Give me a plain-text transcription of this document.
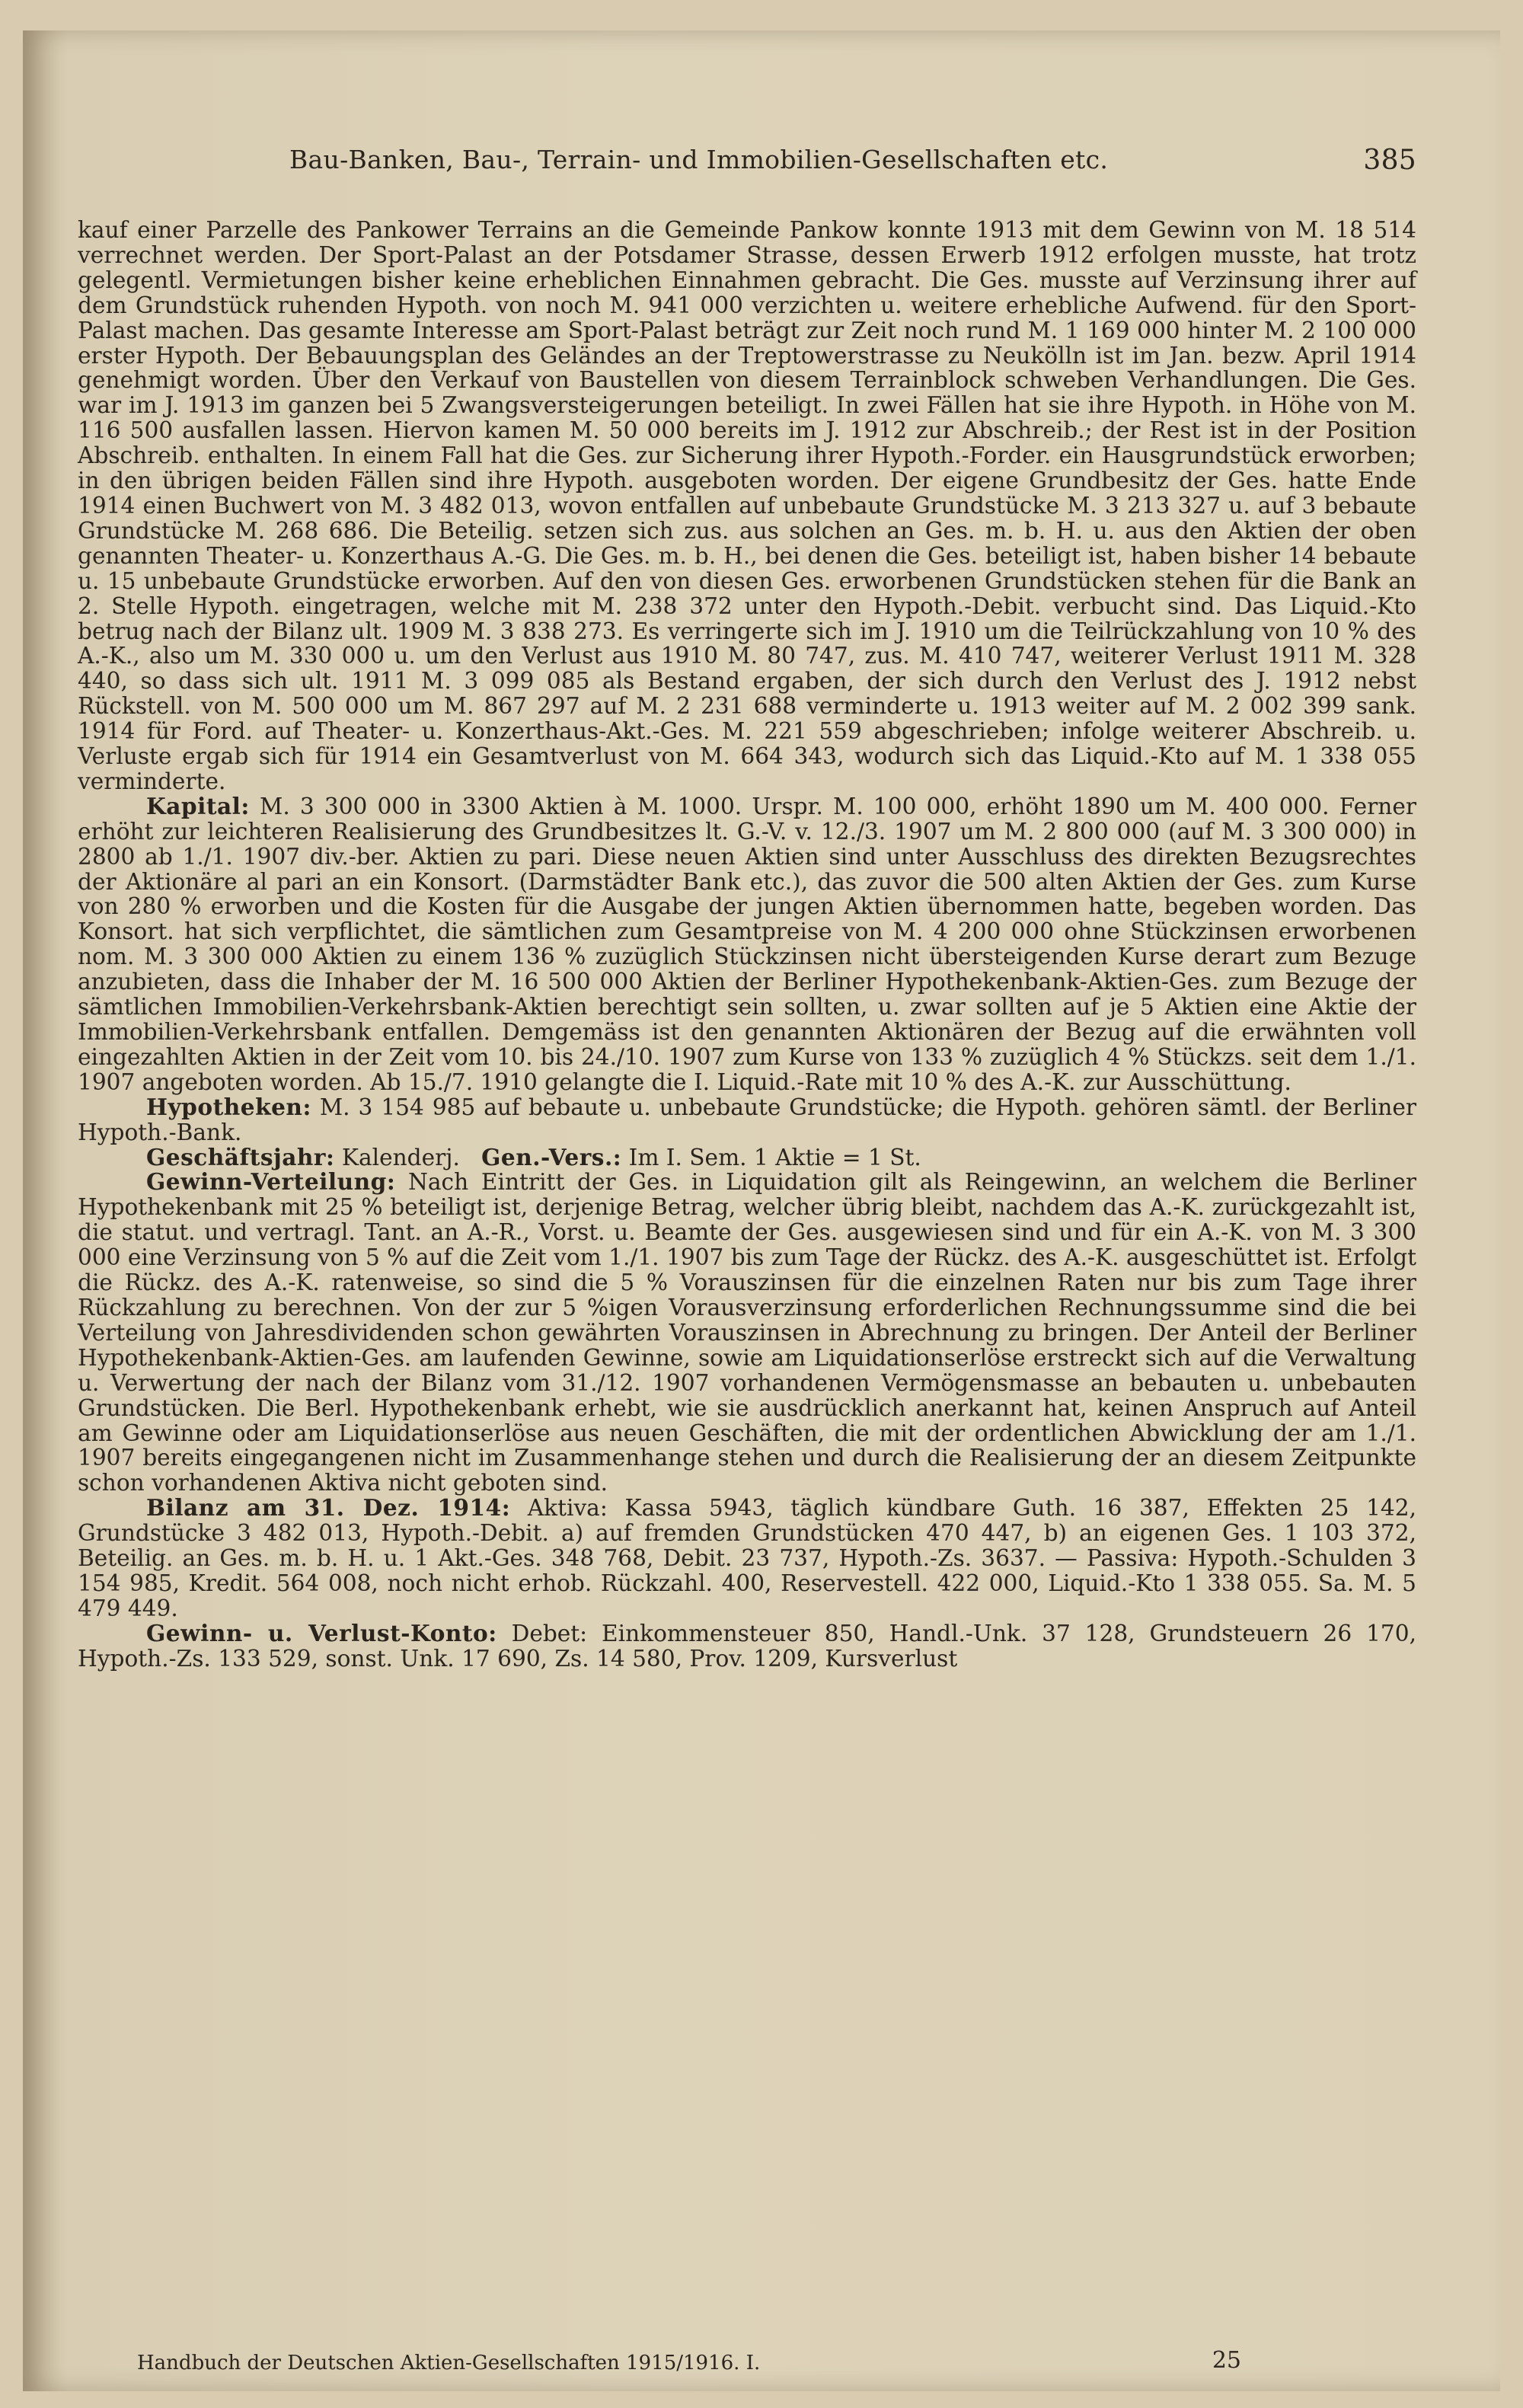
Bau-Banken, Bau-, Terrain- und Immobilien-Gesellschaften etc.	385

kauf einer Parzelle des Pankower Terrains an die Gemeinde Pankow konnte 1913 mit dem Gewinn von M. 18 514 verrechnet werden. Der Sport-Palast an der Potsdamer Strasse, dessen Erwerb 1912 erfolgen musste, hat trotz gelegentl. Vermietungen bisher keine erheblichen Einnahmen gebracht. Die Ges. musste auf Verzinsung ihrer auf dem Grundstück ruhenden Hypoth. von noch M. 941 000 verzichten u. weitere erhebliche Aufwend. für den Sport-Palast machen. Das gesamte Interesse am Sport-Palast beträgt zur Zeit noch rund M. 1 169 000 hinter M. 2 100 000 erster Hypoth. Der Bebauungsplan des Geländes an der Treptowerstrasse zu Neukölln ist im Jan. bezw. April 1914 genehmigt worden. Über den Verkauf von Baustellen von diesem Terrainblock schweben Verhandlungen. Die Ges. war im J. 1913 im ganzen bei 5 Zwangsversteigerungen beteiligt. In zwei Fällen hat sie ihre Hypoth. in Höhe von M. 116 500 ausfallen lassen. Hiervon kamen M. 50 000 bereits im J. 1912 zur Abschreib.; der Rest ist in der Position Abschreib. enthalten. In einem Fall hat die Ges. zur Sicherung ihrer Hypoth.-Forder. ein Hausgrundstück erworben; in den übrigen beiden Fällen sind ihre Hypoth. ausgeboten worden. Der eigene Grundbesitz der Ges. hatte Ende 1914 einen Buchwert von M. 3 482 013, wovon entfallen auf unbebaute Grundstücke M. 3 213 327 u. auf 3 bebaute Grundstücke M. 268 686. Die Beteilig. setzen sich zus. aus solchen an Ges. m. b. H. u. aus den Aktien der oben genannten Theater- u. Konzerthaus A.-G. Die Ges. m. b. H., bei denen die Ges. beteiligt ist, haben bisher 14 bebaute u. 15 unbebaute Grundstücke erworben. Auf den von diesen Ges. erworbenen Grundstücken stehen für die Bank an 2. Stelle Hypoth. eingetragen, welche mit M. 238 372 unter den Hypoth.-Debit. verbucht sind. Das Liquid.-Kto betrug nach der Bilanz ult. 1909 M. 3 838 273. Es verringerte sich im J. 1910 um die Teilrückzahlung von 10 % des A.-K., also um M. 330 000 u. um den Verlust aus 1910 M. 80 747, zus. M. 410 747, weiterer Verlust 1911 M. 328 440, so dass sich ult. 1911 M. 3 099 085 als Bestand ergaben, der sich durch den Verlust des J. 1912 nebst Rückstell. von M. 500 000 um M. 867 297 auf M. 2 231 688 verminderte u. 1913 weiter auf M. 2 002 399 sank. 1914 für Ford. auf Theater- u. Konzerthaus-Akt.-Ges. M. 221 559 abgeschrieben; infolge weiterer Abschreib. u. Verluste ergab sich für 1914 ein Gesamtverlust von M. 664 343, wodurch sich das Liquid.-Kto auf M. 1 338 055 verminderte.

Kapital: M. 3 300 000 in 3300 Aktien à M. 1000. Urspr. M. 100 000, erhöht 1890 um M. 400 000. Ferner erhöht zur leichteren Realisierung des Grundbesitzes lt. G.-V. v. 12./3. 1907 um M. 2 800 000 (auf M. 3 300 000) in 2800 ab 1./1. 1907 div.-ber. Aktien zu pari. Diese neuen Aktien sind unter Ausschluss des direkten Bezugsrechtes der Aktionäre al pari an ein Konsort. (Darmstädter Bank etc.), das zuvor die 500 alten Aktien der Ges. zum Kurse von 280 % erworben und die Kosten für die Ausgabe der jungen Aktien übernommen hatte, begeben worden. Das Konsort. hat sich verpflichtet, die sämtlichen zum Gesamtpreise von M. 4 200 000 ohne Stückzinsen erworbenen nom. M. 3 300 000 Aktien zu einem 136 % zuzüglich Stückzinsen nicht übersteigenden Kurse derart zum Bezuge anzubieten, dass die Inhaber der M. 16 500 000 Aktien der Berliner Hypothekenbank-Aktien-Ges. zum Bezuge der sämtlichen Immobilien-Verkehrsbank-Aktien berechtigt sein sollten, u. zwar sollten auf je 5 Aktien eine Aktie der Immobilien-Verkehrsbank entfallen. Demgemäss ist den genannten Aktionären der Bezug auf die erwähnten voll eingezahlten Aktien in der Zeit vom 10. bis 24./10. 1907 zum Kurse von 133 % zuzüglich 4 % Stückzs. seit dem 1./1. 1907 angeboten worden. Ab 15./7. 1910 gelangte die I. Liquid.-Rate mit 10 % des A.-K. zur Ausschüttung.

Hypotheken: M. 3 154 985 auf bebaute u. unbebaute Grundstücke; die Hypoth. gehören sämtl. der Berliner Hypoth.-Bank.

Geschäftsjahr: Kalenderj. Gen.-Vers.: Im I. Sem. 1 Aktie = 1 St.

Gewinn-Verteilung: Nach Eintritt der Ges. in Liquidation gilt als Reingewinn, an welchem die Berliner Hypothekenbank mit 25 % beteiligt ist, derjenige Betrag, welcher übrig bleibt, nachdem das A.-K. zurückgezahlt ist, die statut. und vertragl. Tant. an A.-R., Vorst. u. Beamte der Ges. ausgewiesen sind und für ein A.-K. von M. 3 300 000 eine Verzinsung von 5 % auf die Zeit vom 1./1. 1907 bis zum Tage der Rückz. des A.-K. ausgeschüttet ist. Erfolgt die Rückz. des A.-K. ratenweise, so sind die 5 % Vorauszinsen für die einzelnen Raten nur bis zum Tage ihrer Rückzahlung zu berechnen. Von der zur 5 %igen Vorausverzinsung erforderlichen Rechnungssumme sind die bei Verteilung von Jahresdividenden schon gewährten Vorauszinsen in Abrechnung zu bringen. Der Anteil der Berliner Hypothekenbank-Aktien-Ges. am laufenden Gewinne, sowie am Liquidationserlöse erstreckt sich auf die Verwaltung u. Verwertung der nach der Bilanz vom 31./12. 1907 vorhandenen Vermögensmasse an bebauten u. unbebauten Grundstücken. Die Berl. Hypothekenbank erhebt, wie sie ausdrücklich anerkannt hat, keinen Anspruch auf Anteil am Gewinne oder am Liquidationserlöse aus neuen Geschäften, die mit der ordentlichen Abwicklung der am 1./1. 1907 bereits eingegangenen nicht im Zusammenhange stehen und durch die Realisierung der an diesem Zeitpunkte schon vorhandenen Aktiva nicht geboten sind.

Bilanz am 31. Dez. 1914: Aktiva: Kassa 5943, täglich kündbare Guth. 16 387, Effekten 25 142, Grundstücke 3 482 013, Hypoth.-Debit. a) auf fremden Grundstücken 470 447, b) an eigenen Ges. 1 103 372, Beteilig. an Ges. m. b. H. u. 1 Akt.-Ges. 348 768, Debit. 23 737, Hypoth.-Zs. 3637. — Passiva: Hypoth.-Schulden 3 154 985, Kredit. 564 008, noch nicht erhob. Rückzahl. 400, Reservestell. 422 000, Liquid.-Kto 1 338 055. Sa. M. 5 479 449.

Gewinn- u. Verlust-Konto: Debet: Einkommensteuer 850, Handl.-Unk. 37 128, Grundsteuern 26 170, Hypoth.-Zs. 133 529, sonst. Unk. 17 690, Zs. 14 580, Prov. 1209, Kursverlust

Handbuch der Deutschen Aktien-Gesellschaften 1915/1916. I.	25
